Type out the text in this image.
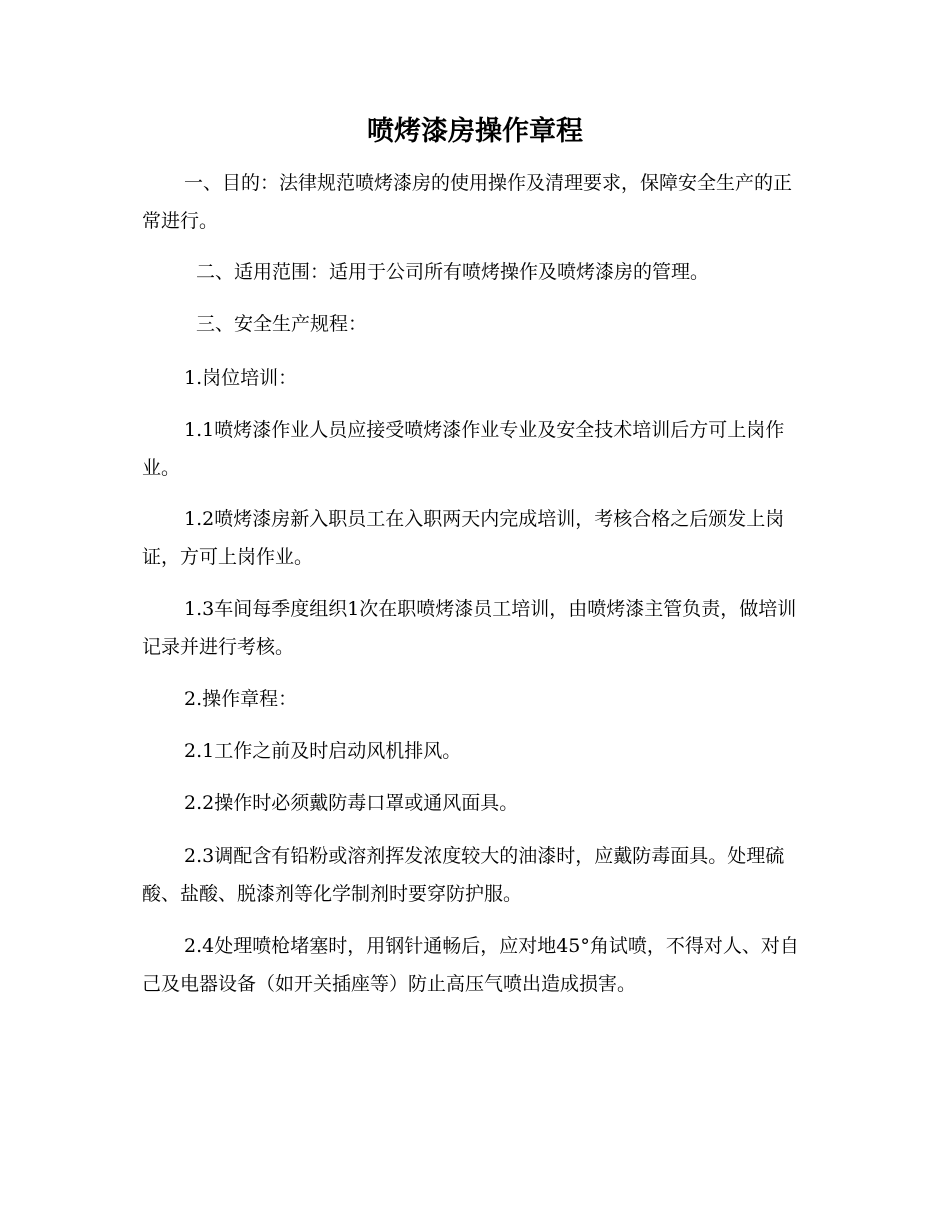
喷烤漆房操作章程

一、目的：法律规范喷烤漆房的使用操作及清理要求，保障安全生产的正常进行。

二、适用范围：适用于公司所有喷烤操作及喷烤漆房的管理。

三、安全生产规程：

1.岗位培训：

1.1喷烤漆作业人员应接受喷烤漆作业专业及安全技术培训后方可上岗作业。

1.2喷烤漆房新入职员工在入职两天内完成培训，考核合格之后颁发上岗证，方可上岗作业。

1.3车间每季度组织1次在职喷烤漆员工培训，由喷烤漆主管负责，做培训记录并进行考核。

2.操作章程：

2.1工作之前及时启动风机排风。

2.2操作时必须戴防毒口罩或通风面具。

2.3调配含有铅粉或溶剂挥发浓度较大的油漆时，应戴防毒面具。处理硫酸、盐酸、脱漆剂等化学制剂时要穿防护服。

2.4处理喷枪堵塞时，用钢针通畅后，应对地45°角试喷，不得对人、对自己及电器设备（如开关插座等）防止高压气喷出造成损害。
